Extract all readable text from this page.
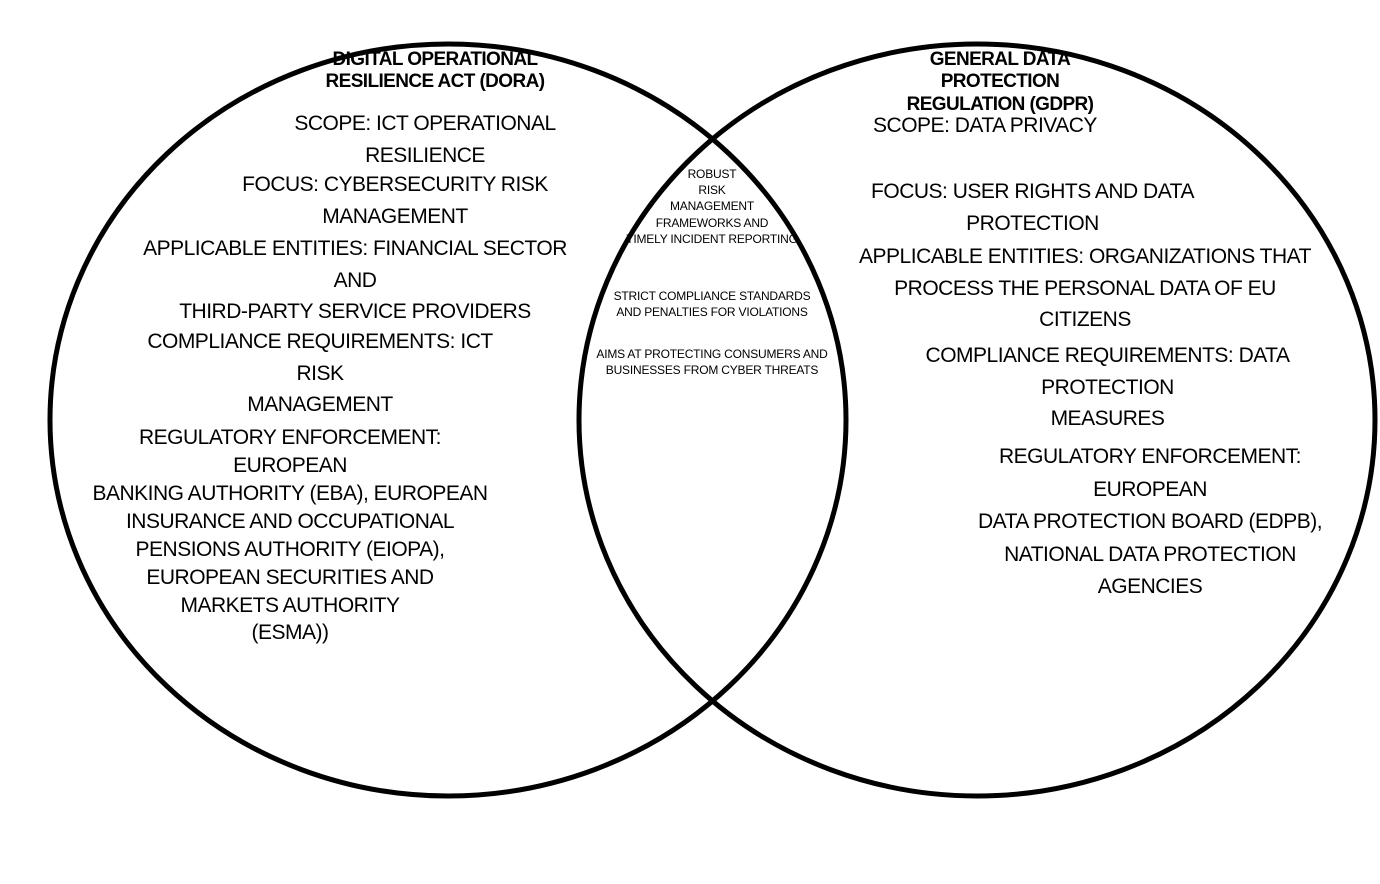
DIGITAL OPERATIONAL
RESILIENCE ACT (DORA)
SCOPE: ICT OPERATIONAL RESILIENCE
FOCUS: CYBERSECURITY RISK MANAGEMENT
APPLICABLE ENTITIES: FINANCIAL SECTOR AND
THIRD-PARTY SERVICE PROVIDERS
COMPLIANCE REQUIREMENTS: ICT RISK
MANAGEMENT
REGULATORY ENFORCEMENT: EUROPEAN
BANKING AUTHORITY (EBA), EUROPEAN
INSURANCE AND OCCUPATIONAL
PENSIONS AUTHORITY (EIOPA),
EUROPEAN SECURITIES AND
MARKETS AUTHORITY
(ESMA))
ROBUST
RISK
MANAGEMENT
FRAMEWORKS AND
TIMELY INCIDENT REPORTING
STRICT COMPLIANCE STANDARDS
AND PENALTIES FOR VIOLATIONS
AIMS AT PROTECTING CONSUMERS AND
BUSINESSES FROM CYBER THREATS
GENERAL DATA PROTECTION
REGULATION (GDPR)
SCOPE: DATA PRIVACY
FOCUS: USER RIGHTS AND DATA PROTECTION
APPLICABLE ENTITIES: ORGANIZATIONS THAT
PROCESS THE PERSONAL DATA OF EU CITIZENS
COMPLIANCE REQUIREMENTS: DATA PROTECTION
MEASURES
REGULATORY ENFORCEMENT: EUROPEAN
DATA PROTECTION BOARD (EDPB),
NATIONAL DATA PROTECTION
AGENCIES
